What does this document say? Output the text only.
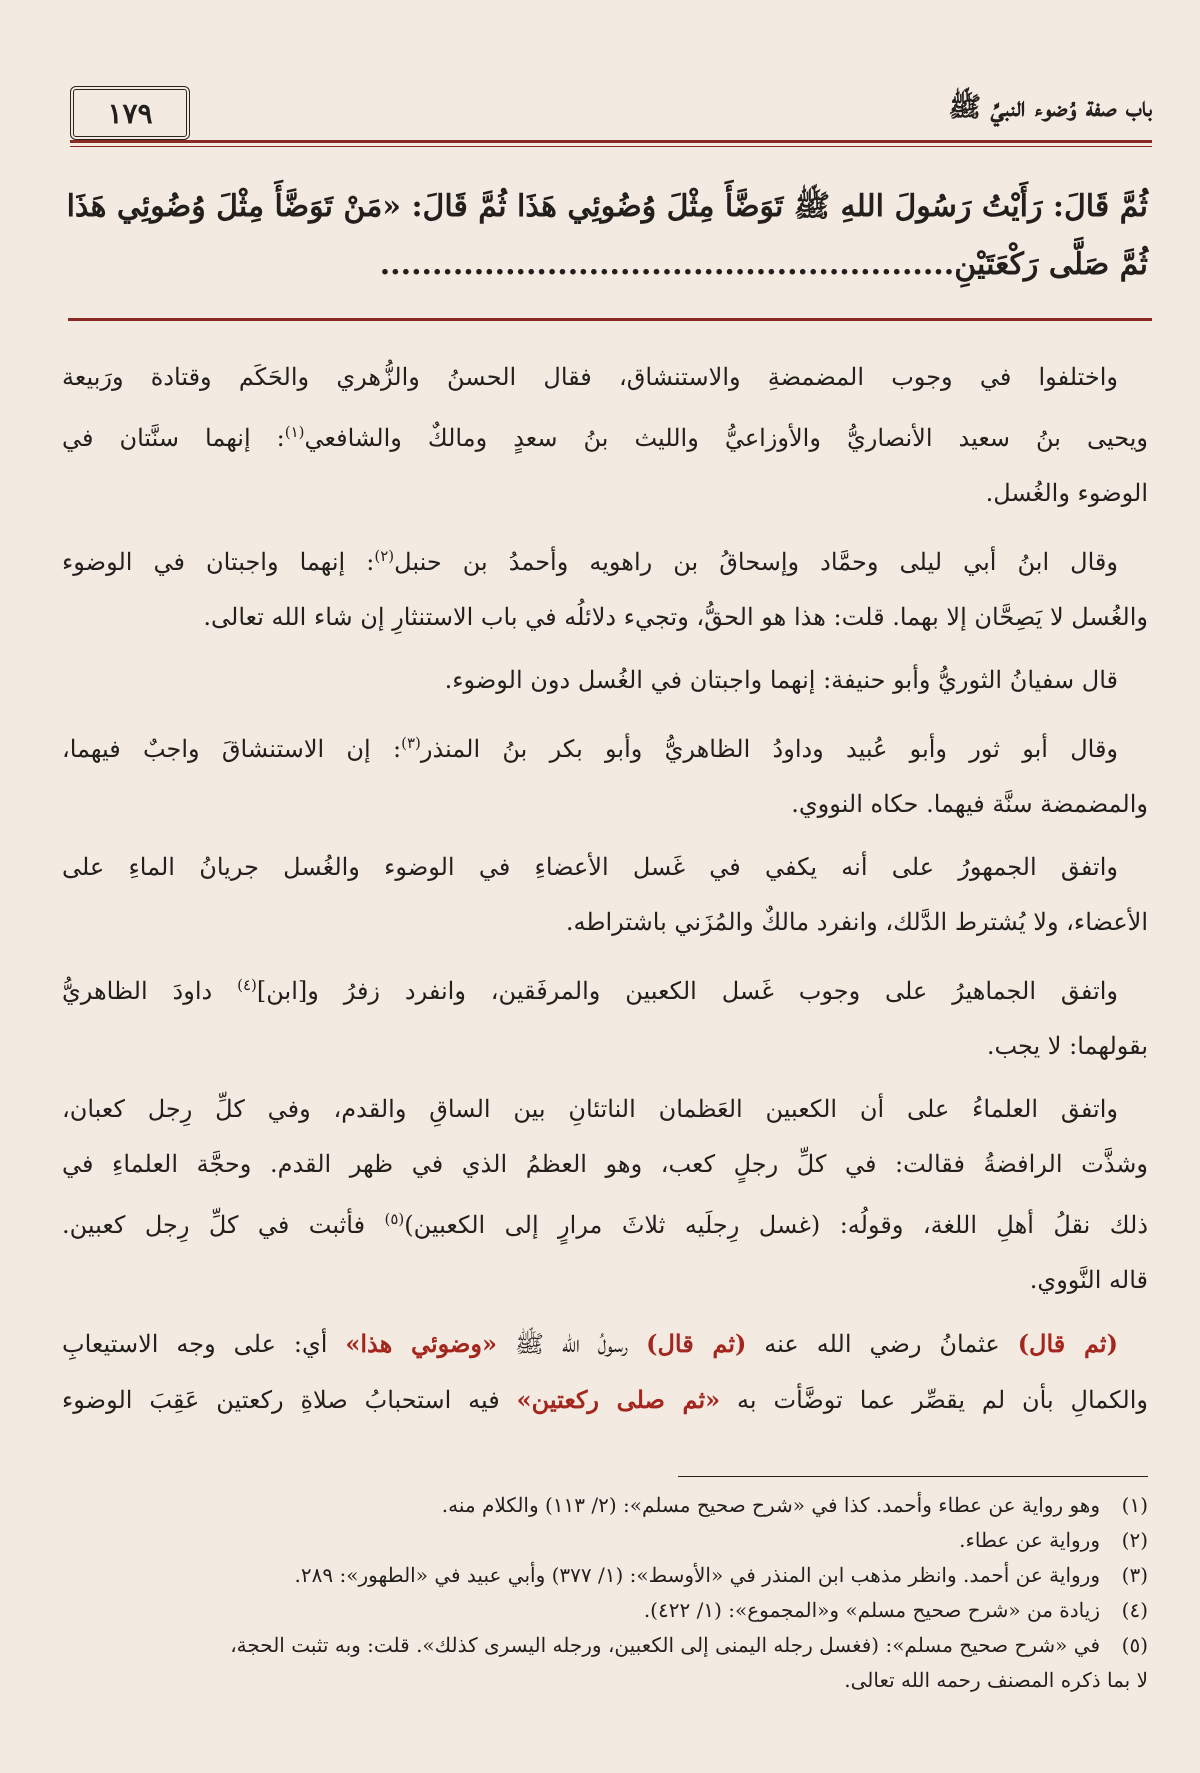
١٧٩	باب صفة وُضوء النبيِّ ﷺ
ثُمَّ قَالَ: رَأَيْتُ رَسُولَ اللهِ ﷺ تَوَضَّأَ مِثْلَ وُضُوئِي هَذَا ثُمَّ قَالَ: «مَنْ تَوَضَّأَ مِثْلَ وُضُوئِي هَذَا
ثُمَّ صَلَّى رَكْعَتَيْنِ.......................................................

واختلفوا في وجوب المضمضةِ والاستنشاق، فقال الحسنُ والزُّهري والحَكَم وقتادة ورَبيعة
ويحيى بنُ سعيد الأنصاريُّ والأوزاعيُّ والليث بنُ سعدٍ ومالكٌ والشافعي$^{(١)}$: إنهما سنَّتان في
الوضوء والغُسل.

وقال ابنُ أبي ليلى وحمَّاد وإسحاقُ بن راهويه وأحمدُ بن حنبل$^{(٢)}$: إنهما واجبتان في الوضوء
والغُسل لا يَصِحَّان إلا بهما. قلت: هذا هو الحقُّ، وتجيء دلائلُه في باب الاستنثارِ إن شاء الله تعالى.

قال سفيانُ الثوريُّ وأبو حنيفة: إنهما واجبتان في الغُسل دون الوضوء.

وقال أبو ثور وأبو عُبيد وداودُ الظاهريُّ وأبو بكر بنُ المنذر$^{(٣)}$: إن الاستنشاقَ واجبٌ فيهما،
والمضمضة سنَّة فيهما. حكاه النووي.

واتفق الجمهورُ على أنه يكفي في غَسل الأعضاءِ في الوضوء والغُسل جريانُ الماءِ على
الأعضاء، ولا يُشترط الدَّلك، وانفرد مالكٌ والمُزَني باشتراطه.

واتفق الجماهيرُ على وجوب غَسل الكعبين والمرفَقين، وانفرد زفرُ و[ابن]$^{(٤)}$ داودَ الظاهريُّ
بقولهما: لا يجب.

واتفق العلماءُ على أن الكعبين العَظمان الناتئانِ بين الساقِ والقدم، وفي كلِّ رِجل كعبان،
وشذَّت الرافضةُ فقالت: في كلِّ رجلٍ كعب، وهو العظمُ الذي في ظهر القدم. وحجَّة العلماءِ في
ذلك نقلُ أهلِ اللغة، وقولُه: (غسل رِجلَيه ثلاثَ مرارٍ إلى الكعبين)$^{(٥)}$ فأثبت في كلِّ رِجل كعبين.
قاله النَّووي.

(ثم قال) عثمانُ رضي الله عنه (ثم قال) رسولُ الله ﷺ «وضوئي هذا» أي: على وجه الاستيعابِ
والكمالِ بأن لم يقصِّر عما توضَّأت به «ثم صلى ركعتين» فيه استحبابُ صلاةِ ركعتين عَقِبَ الوضوء

(١)وهو رواية عن عطاء وأحمد. كذا في «شرح صحيح مسلم»: (٢/ ١١٣) والكلام منه.
(٢)ورواية عن عطاء.
(٣)ورواية عن أحمد. وانظر مذهب ابن المنذر في «الأوسط»: (١/ ٣٧٧) وأبي عبيد في «الطهور»: ٢٨٩.
(٤)زيادة من «شرح صحيح مسلم» و«المجموع»: (١/ ٤٢٢).
(٥)في «شرح صحيح مسلم»: (فغسل رجله اليمنى إلى الكعبين، ورجله اليسرى كذلك». قلت: وبه تثبت الحجة،
لا بما ذكره المصنف رحمه الله تعالى.
